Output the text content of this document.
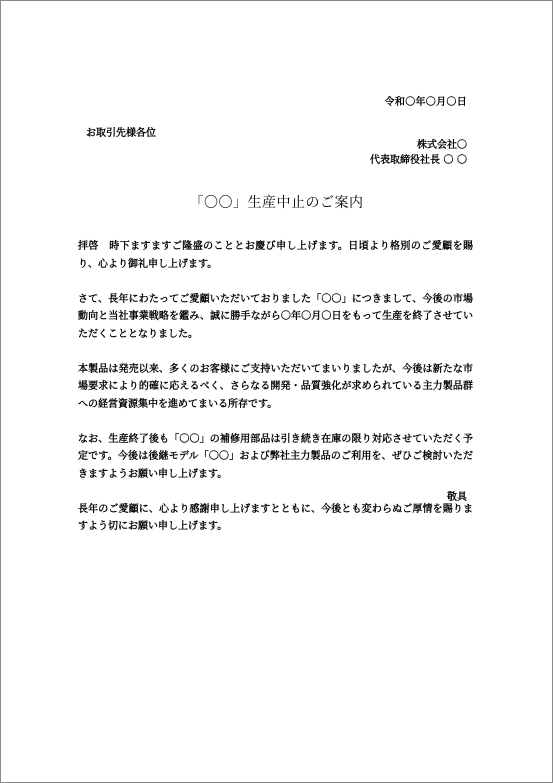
令和〇年〇月〇日
お取引先様各位
株式会社〇
代表取締役社長 〇 〇
「〇〇」生産中止のご案内

拝啓　時下ますますご隆盛のこととお慶び申し上げます。日頃より格別のご愛顧を賜り、心より御礼申し上げます。

さて、長年にわたってご愛顧いただいておりました「〇〇」につきまして、今後の市場動向と当社事業戦略を鑑み、誠に勝手ながら〇年〇月〇日をもって生産を終了させていただくこととなりました。

本製品は発売以来、多くのお客様にご支持いただいてまいりましたが、今後は新たな市場要求により的確に応えるべく、さらなる開発・品質強化が求められている主力製品群への経営資源集中を進めてまいる所存です。

なお、生産終了後も「〇〇」の補修用部品は引き続き在庫の限り対応させていただく予定です。今後は後継モデル「〇〇」および弊社主力製品のご利用を、ぜひご検討いただきますようお願い申し上げます。

長年のご愛顧に、心より感謝申し上げますとともに、今後とも変わらぬご厚情を賜りますよう切にお願い申し上げます。

敬具
